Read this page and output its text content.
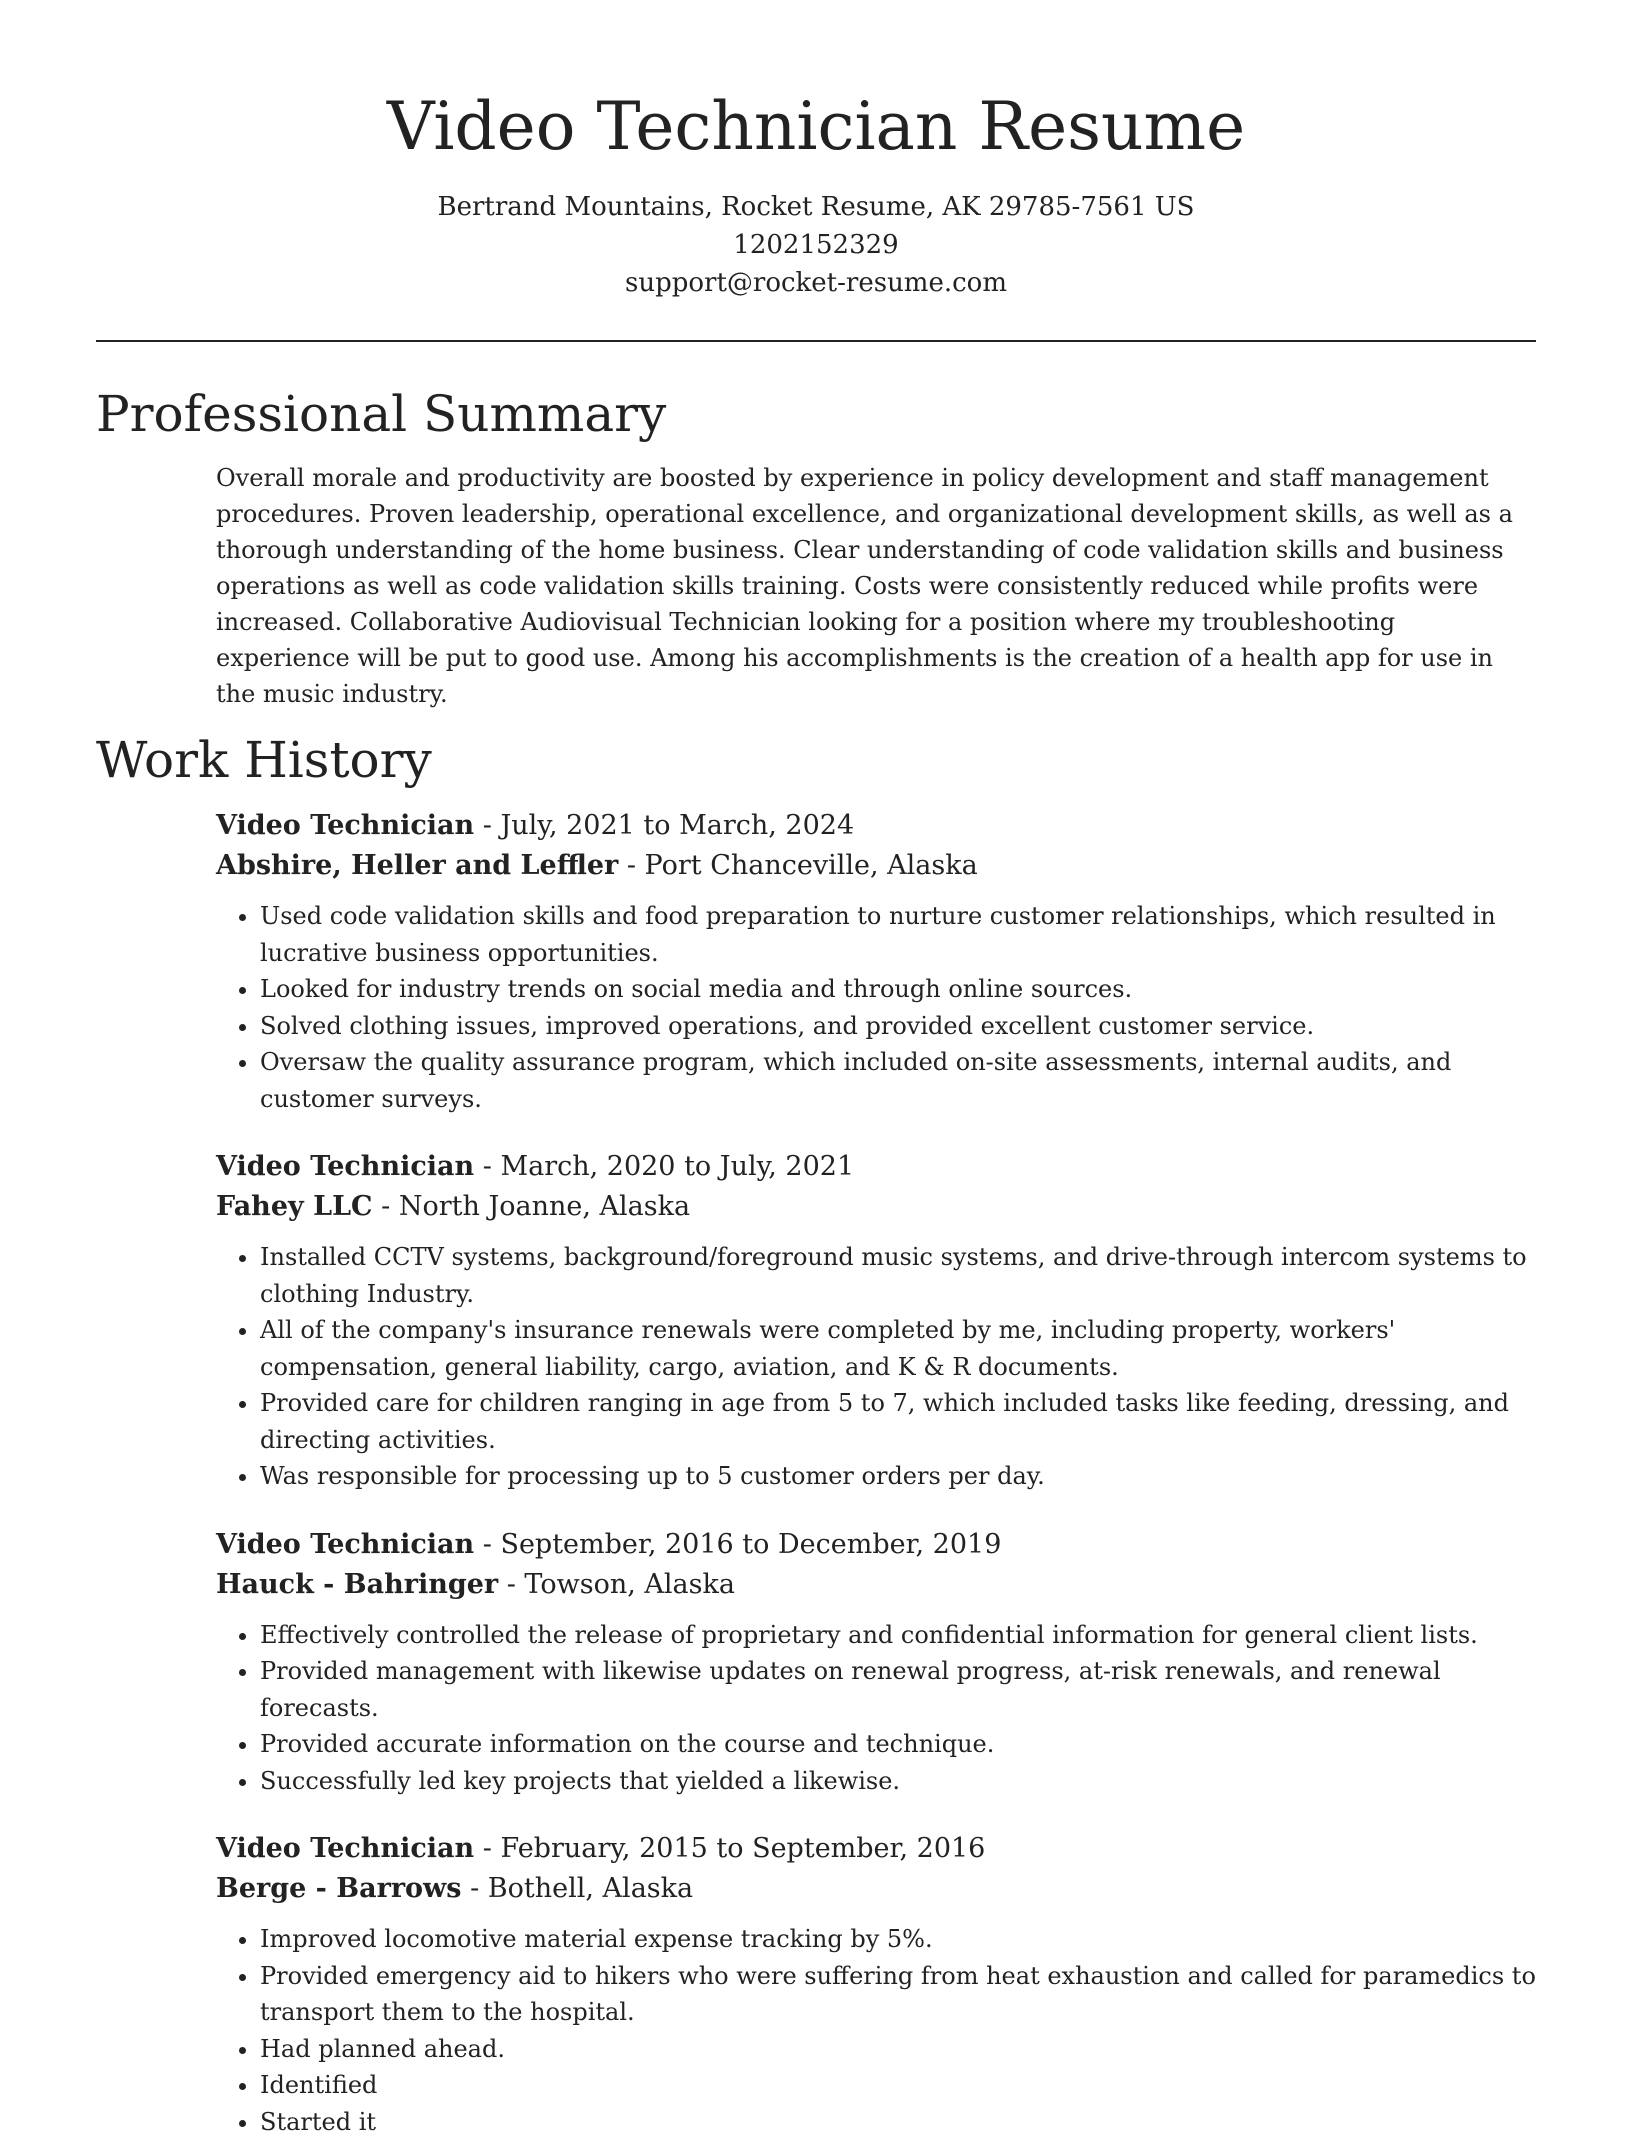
Video Technician Resume
Bertrand Mountains, Rocket Resume, AK 29785-7561 US
1202152329
support@rocket-resume.com
Professional Summary

Overall morale and productivity are boosted by experience in policy development and staff management procedures. Proven leadership, operational excellence, and organizational development skills, as well as a thorough understanding of the home business. Clear understanding of code validation skills and business operations as well as code validation skills training. Costs were consistently reduced while profits were increased. Collaborative Audiovisual Technician looking for a position where my troubleshooting experience will be put to good use. Among his accomplishments is the creation of a health app for use in the music industry.

Work History
Video Technician - July, 2021 to March, 2024
Abshire, Heller and Leffler - Port Chanceville, Alaska
• Used code validation skills and food preparation to nurture customer relationships, which resulted in lucrative business opportunities.
• Looked for industry trends on social media and through online sources.
• Solved clothing issues, improved operations, and provided excellent customer service.
• Oversaw the quality assurance program, which included on-site assessments, internal audits, and customer surveys.
Video Technician - March, 2020 to July, 2021
Fahey LLC - North Joanne, Alaska
• Installed CCTV systems, background/foreground music systems, and drive-through intercom systems to clothing Industry.
• All of the company's insurance renewals were completed by me, including property, workers' compensation, general liability, cargo, aviation, and K & R documents.
• Provided care for children ranging in age from 5 to 7, which included tasks like feeding, dressing, and directing activities.
• Was responsible for processing up to 5 customer orders per day.
Video Technician - September, 2016 to December, 2019
Hauck - Bahringer - Towson, Alaska
• Effectively controlled the release of proprietary and confidential information for general client lists.
• Provided management with likewise updates on renewal progress, at-risk renewals, and renewal forecasts.
• Provided accurate information on the course and technique.
• Successfully led key projects that yielded a likewise.
Video Technician - February, 2015 to September, 2016
Berge - Barrows - Bothell, Alaska
• Improved locomotive material expense tracking by 5%.
• Provided emergency aid to hikers who were suffering from heat exhaustion and called for paramedics to transport them to the hospital.
• Had planned ahead.
• Identified
• Started it
